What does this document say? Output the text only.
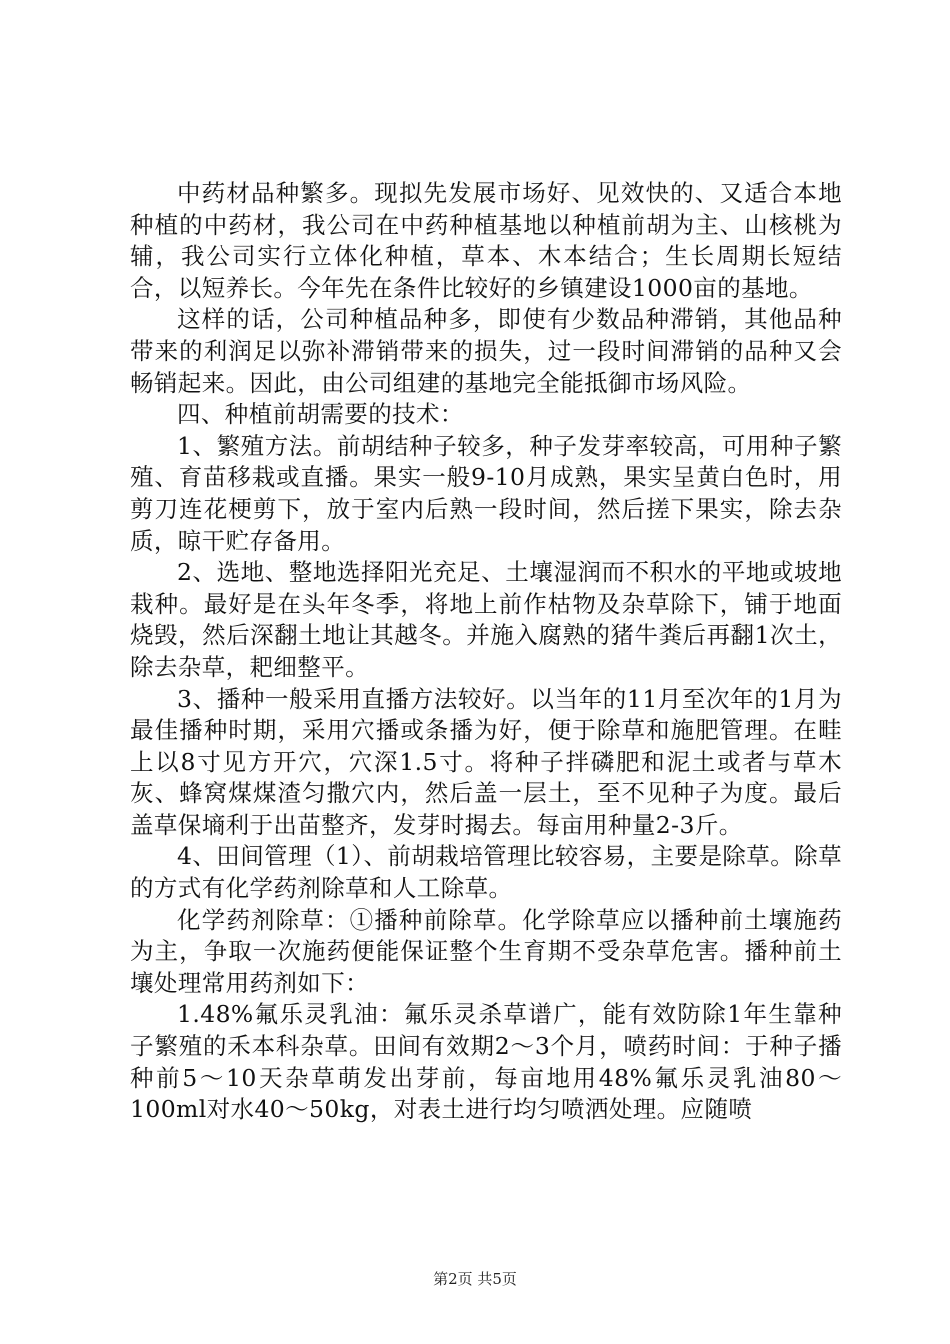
中药材品种繁多。现拟先发展市场好、见效快的、又适合本地种植的中药材，我公司在中药种植基地以种植前胡为主、山核桃为辅，我公司实行立体化种植，草本、木本结合；生长周期长短结合，以短养长。今年先在条件比较好的乡镇建设1000亩的基地。

这样的话，公司种植品种多，即使有少数品种滞销，其他品种带来的利润足以弥补滞销带来的损失，过一段时间滞销的品种又会畅销起来。因此，由公司组建的基地完全能抵御市场风险。

四、种植前胡需要的技术：

1、繁殖方法。前胡结种子较多，种子发芽率较高，可用种子繁殖、育苗移栽或直播。果实一般9-10月成熟，果实呈黄白色时，用剪刀连花梗剪下，放于室内后熟一段时间，然后搓下果实，除去杂质，晾干贮存备用。

2、选地、整地选择阳光充足、土壤湿润而不积水的平地或坡地栽种。最好是在头年冬季，将地上前作枯物及杂草除下，铺于地面烧毁，然后深翻土地让其越冬。并施入腐熟的猪牛粪后再翻1次土，除去杂草，耙细整平。

3、播种一般采用直播方法较好。以当年的11月至次年的1月为最佳播种时期，采用穴播或条播为好，便于除草和施肥管理。在畦上以8寸见方开穴，穴深1.5寸。将种子拌磷肥和泥土或者与草木灰、蜂窝煤煤渣匀撒穴内，然后盖一层土，至不见种子为度。最后盖草保墒利于出苗整齐，发芽时揭去。每亩用种量2-3斤。

4、田间管理（1）、前胡栽培管理比较容易，主要是除草。除草的方式有化学药剂除草和人工除草。

化学药剂除草：①播种前除草。化学除草应以播种前土壤施药为主，争取一次施药便能保证整个生育期不受杂草危害。播种前土壤处理常用药剂如下：

1.48%氟乐灵乳油：氟乐灵杀草谱广，能有效防除1年生靠种子繁殖的禾本科杂草。田间有效期2～3个月，喷药时间：于种子播种前5～10天杂草萌发出芽前，每亩地用48%氟乐灵乳油80～100ml对水40～50kg，对表土进行均匀喷洒处理。应随喷

第2页 共5页
